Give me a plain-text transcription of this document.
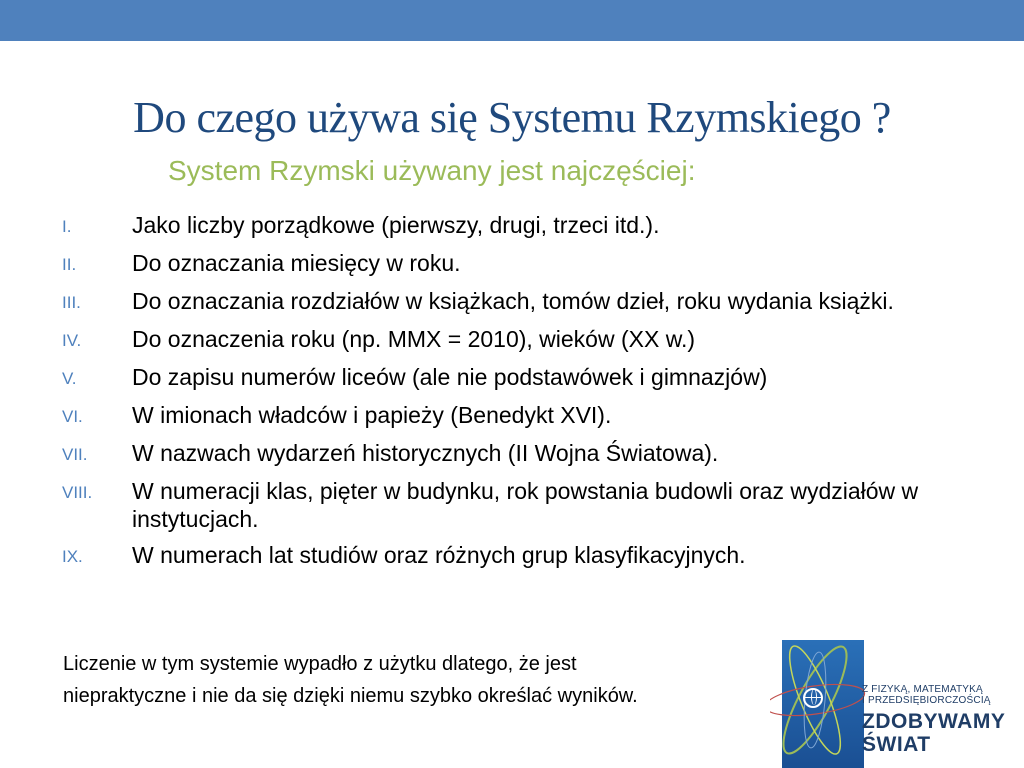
Do czego używa się Systemu Rzymskiego ?
System Rzymski używany jest najczęściej:
I.	Jako liczby porządkowe (pierwszy, drugi, trzeci itd.).
II.	Do oznaczania miesięcy w roku.
III.	Do oznaczania rozdziałów w książkach, tomów dzieł, roku wydania książki.
IV.	Do oznaczenia roku (np. MMX = 2010), wieków (XX w.)
V.	Do zapisu numerów liceów (ale nie podstawówek i gimnazjów)
VI.	W imionach władców i papieży (Benedykt XVI).
VII.	W nazwach wydarzeń historycznych (II Wojna Światowa).
VIII.	W numeracji klas, pięter w budynku, rok powstania budowli oraz wydziałów w instytucjach.
IX.	W numerach lat studiów oraz różnych grup klasyfikacyjnych.

Liczenie w tym systemie wypadło z użytku dlatego, że jest
niepraktyczne i nie da się dzięki niemu szybko określać wyników.	Z FIZYKĄ, MATEMATYKĄ
I PRZEDSIĘBIORCZOŚCIĄ
ZDOBYWAMY
ŚWIAT
